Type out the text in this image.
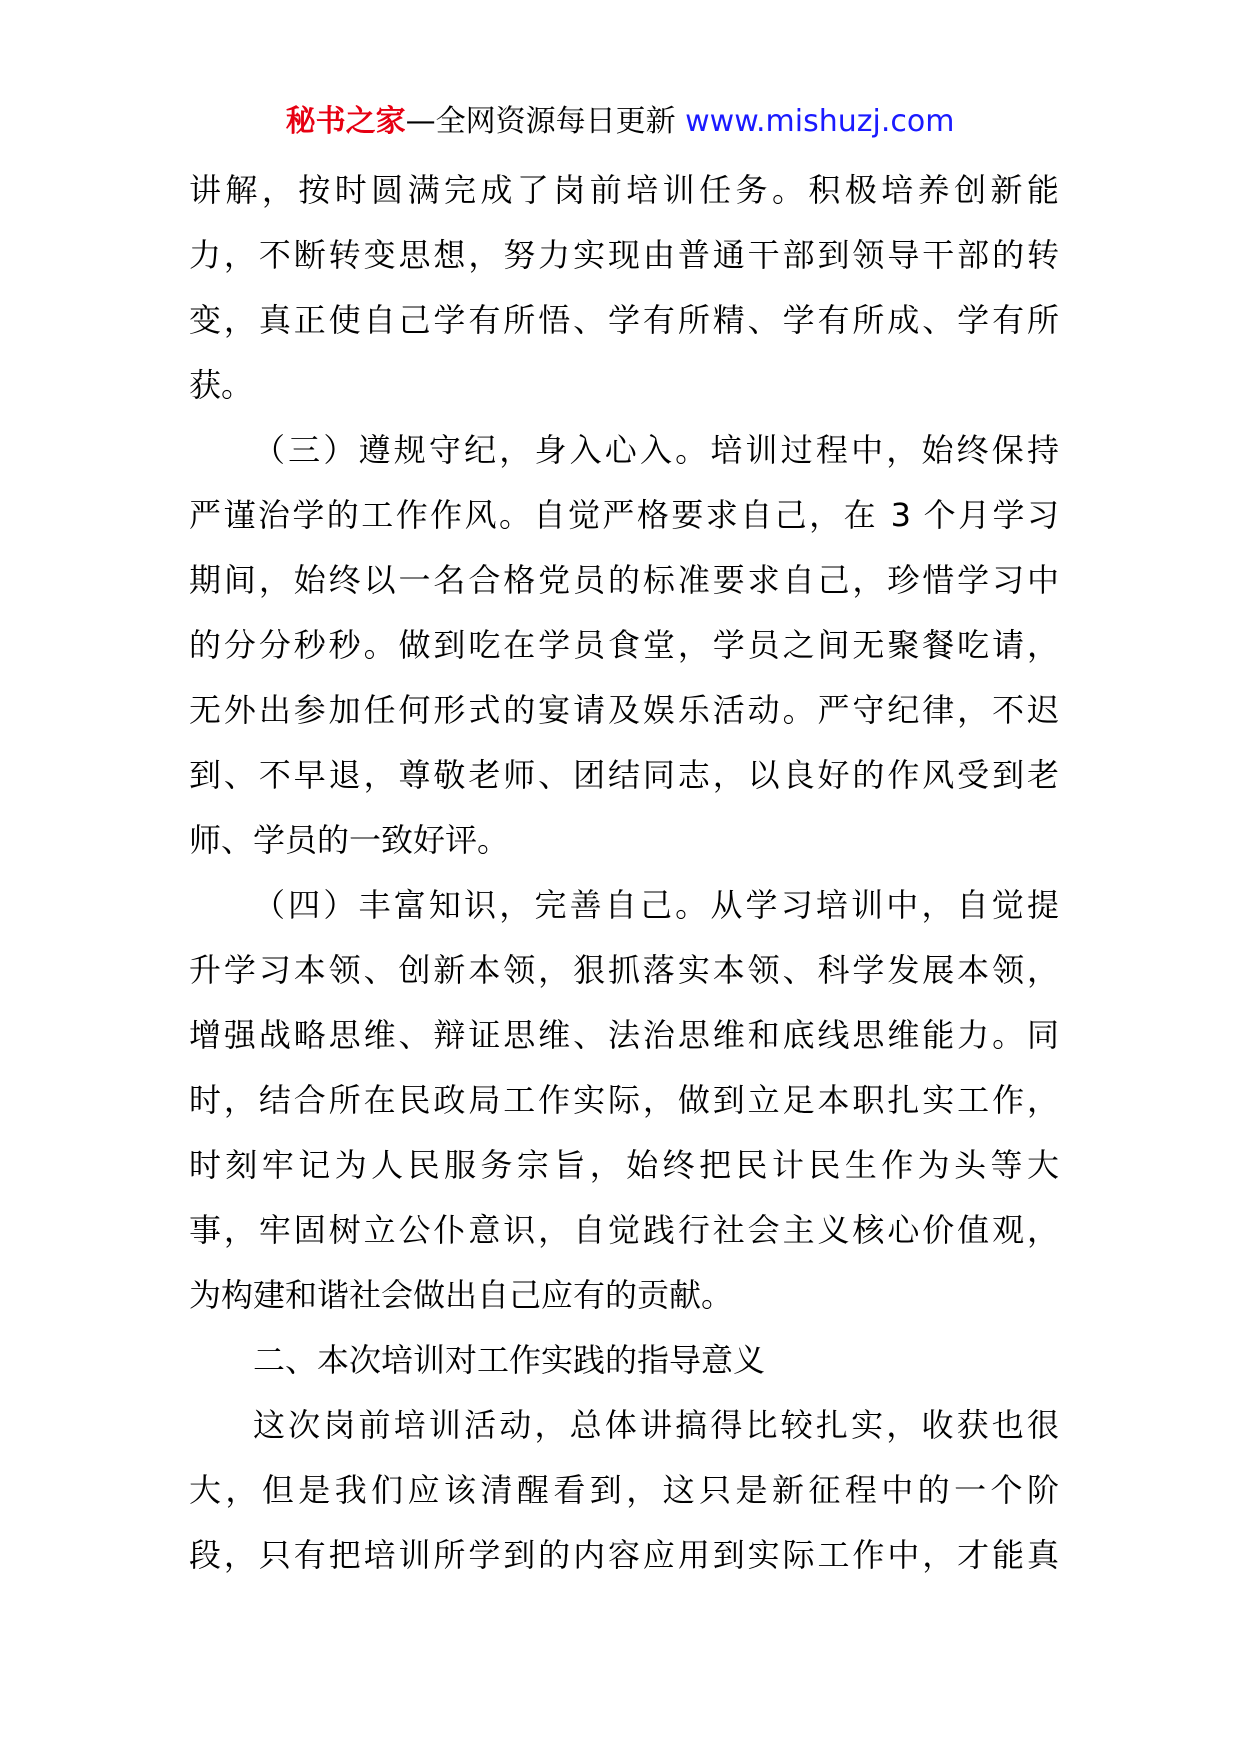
秘书之家—全网资源每日更新 www.mishuzj.com
讲解，按时圆满完成了岗前培训任务。积极培养创新能
力，不断转变思想，努力实现由普通干部到领导干部的转
变，真正使自己学有所悟、学有所精、学有所成、学有所
获。
（三）遵规守纪，身入心入。培训过程中，始终保持
严谨治学的工作作风。自觉严格要求自己，在 3 个月学习
期间，始终以一名合格党员的标准要求自己，珍惜学习中
的分分秒秒。做到吃在学员食堂，学员之间无聚餐吃请，
无外出参加任何形式的宴请及娱乐活动。严守纪律，不迟
到、不早退，尊敬老师、团结同志，以良好的作风受到老
师、学员的一致好评。
（四）丰富知识，完善自己。从学习培训中，自觉提
升学习本领、创新本领，狠抓落实本领、科学发展本领，
增强战略思维、辩证思维、法治思维和底线思维能力。同
时，结合所在民政局工作实际，做到立足本职扎实工作，
时刻牢记为人民服务宗旨，始终把民计民生作为头等大
事，牢固树立公仆意识，自觉践行社会主义核心价值观，
为构建和谐社会做出自己应有的贡献。
二、本次培训对工作实践的指导意义
这次岗前培训活动，总体讲搞得比较扎实，收获也很
大，但是我们应该清醒看到，这只是新征程中的一个阶
段，只有把培训所学到的内容应用到实际工作中，才能真
